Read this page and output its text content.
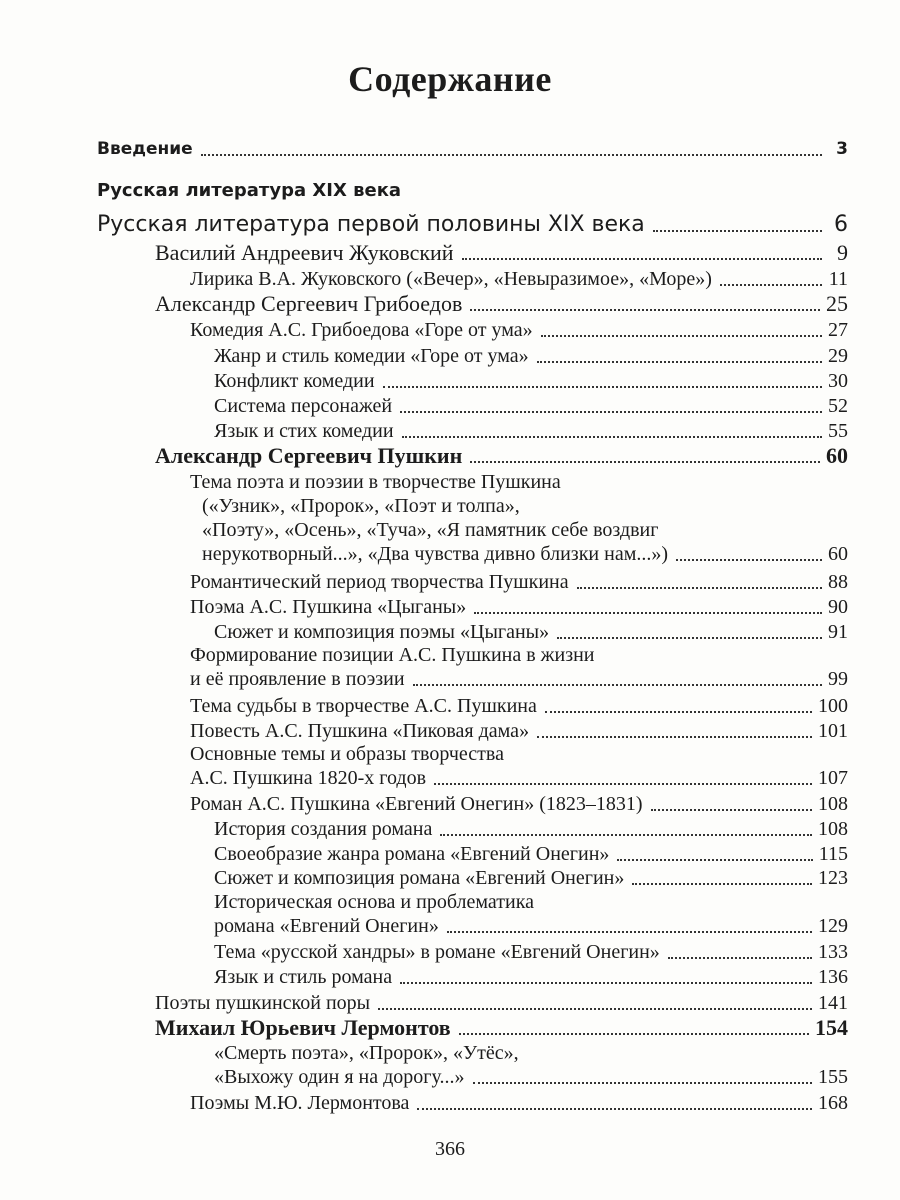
Содержание
Введение	3
Русская литература XIX века
Русская литература первой половины XIX века	6
Василий Андреевич Жуковский	9
Лирика В.А. Жуковского («Вечер», «Невыразимое», «Море»)	11
Александр Сергеевич Грибоедов	25
Комедия А.С. Грибоедова «Горе от ума»	27
Жанр и стиль комедии «Горе от ума»	29
Конфликт комедии	30
Система персонажей	52
Язык и стих комедии	55
Александр Сергеевич Пушкин	60
Тема поэта и поэзии в творчестве Пушкина
(«Узник», «Пророк», «Поэт и толпа»,
«Поэту», «Осень», «Туча», «Я памятник себе воздвиг
нерукотворный...», «Два чувства дивно близки нам...»)	60
Романтический период творчества Пушкина	88
Поэма А.С. Пушкина «Цыганы»	90
Сюжет и композиция поэмы «Цыганы»	91
Формирование позиции А.С. Пушкина в жизни
и её проявление в поэзии	99
Тема судьбы в творчестве А.С. Пушкина	100
Повесть А.С. Пушкина «Пиковая дама»	101
Основные темы и образы творчества
А.С. Пушкина 1820-х годов	107
Роман А.С. Пушкина «Евгений Онегин» (1823–1831)	108
История создания романа	108
Своеобразие жанра романа «Евгений Онегин»	115
Сюжет и композиция романа «Евгений Онегин»	123
Историческая основа и проблематика
романа «Евгений Онегин»	129
Тема «русской хандры» в романе «Евгений Онегин»	133
Язык и стиль романа	136
Поэты пушкинской поры	141
Михаил Юрьевич Лермонтов	154
«Смерть поэта», «Пророк», «Утёс»,
«Выхожу один я на дорогу...»	155
Поэмы М.Ю. Лермонтова	168
366
